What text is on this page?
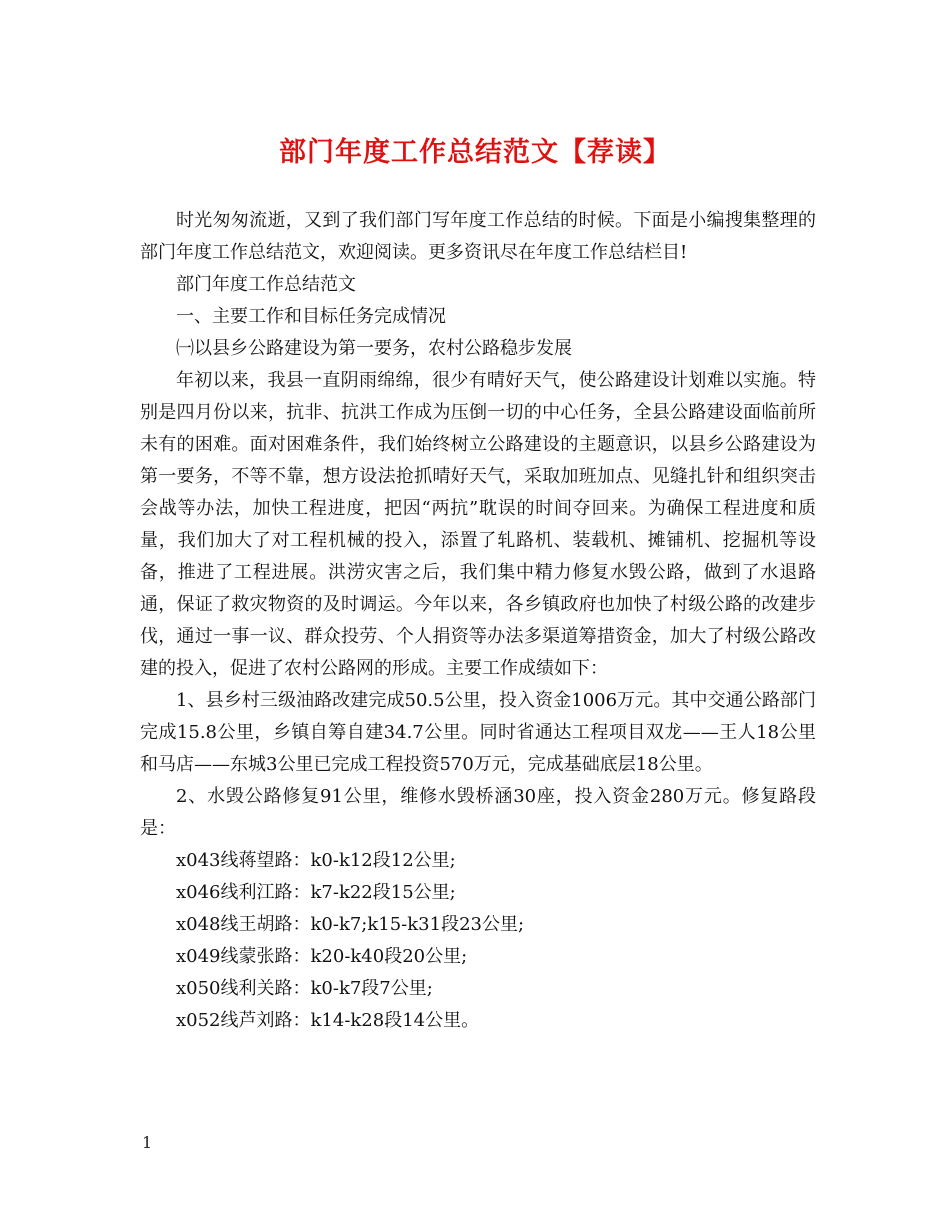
部门年度工作总结范文【荐读】

时光匆匆流逝，又到了我们部门写年度工作总结的时候。下面是小编搜集整理的部门年度工作总结范文，欢迎阅读。更多资讯尽在年度工作总结栏目!

部门年度工作总结范文

一、主要工作和目标任务完成情况

㈠以县乡公路建设为第一要务，农村公路稳步发展

年初以来，我县一直阴雨绵绵，很少有晴好天气，使公路建设计划难以实施。特别是四月份以来，抗非、抗洪工作成为压倒一切的中心任务，全县公路建设面临前所未有的困难。面对困难条件，我们始终树立公路建设的主题意识，以县乡公路建设为第一要务，不等不靠，想方设法抢抓晴好天气，采取加班加点、见缝扎针和组织突击会战等办法，加快工程进度，把因“两抗”耽误的时间夺回来。为确保工程进度和质量，我们加大了对工程机械的投入，添置了轧路机、装载机、摊铺机、挖掘机等设备，推进了工程进展。洪涝灾害之后，我们集中精力修复水毁公路，做到了水退路通，保证了救灾物资的及时调运。今年以来，各乡镇政府也加快了村级公路的改建步伐，通过一事一议、群众投劳、个人捐资等办法多渠道筹措资金，加大了村级公路改建的投入，促进了农村公路网的形成。主要工作成绩如下：

1、县乡村三级油路改建完成50.5公里，投入资金1006万元。其中交通公路部门完成15.8公里，乡镇自筹自建34.7公里。同时省通达工程项目双龙——王人18公里和马店——东城3公里已完成工程投资570万元，完成基础底层18公里。

2、水毁公路修复91公里，维修水毁桥涵30座，投入资金280万元。修复路段是：

x043线蒋望路：k0-k12段12公里;

x046线利江路：k7-k22段15公里;

x048线王胡路：k0-k7;k15-k31段23公里;

x049线蒙张路：k20-k40段20公里;

x050线利关路：k0-k7段7公里;

x052线芦刘路：k14-k28段14公里。

1
